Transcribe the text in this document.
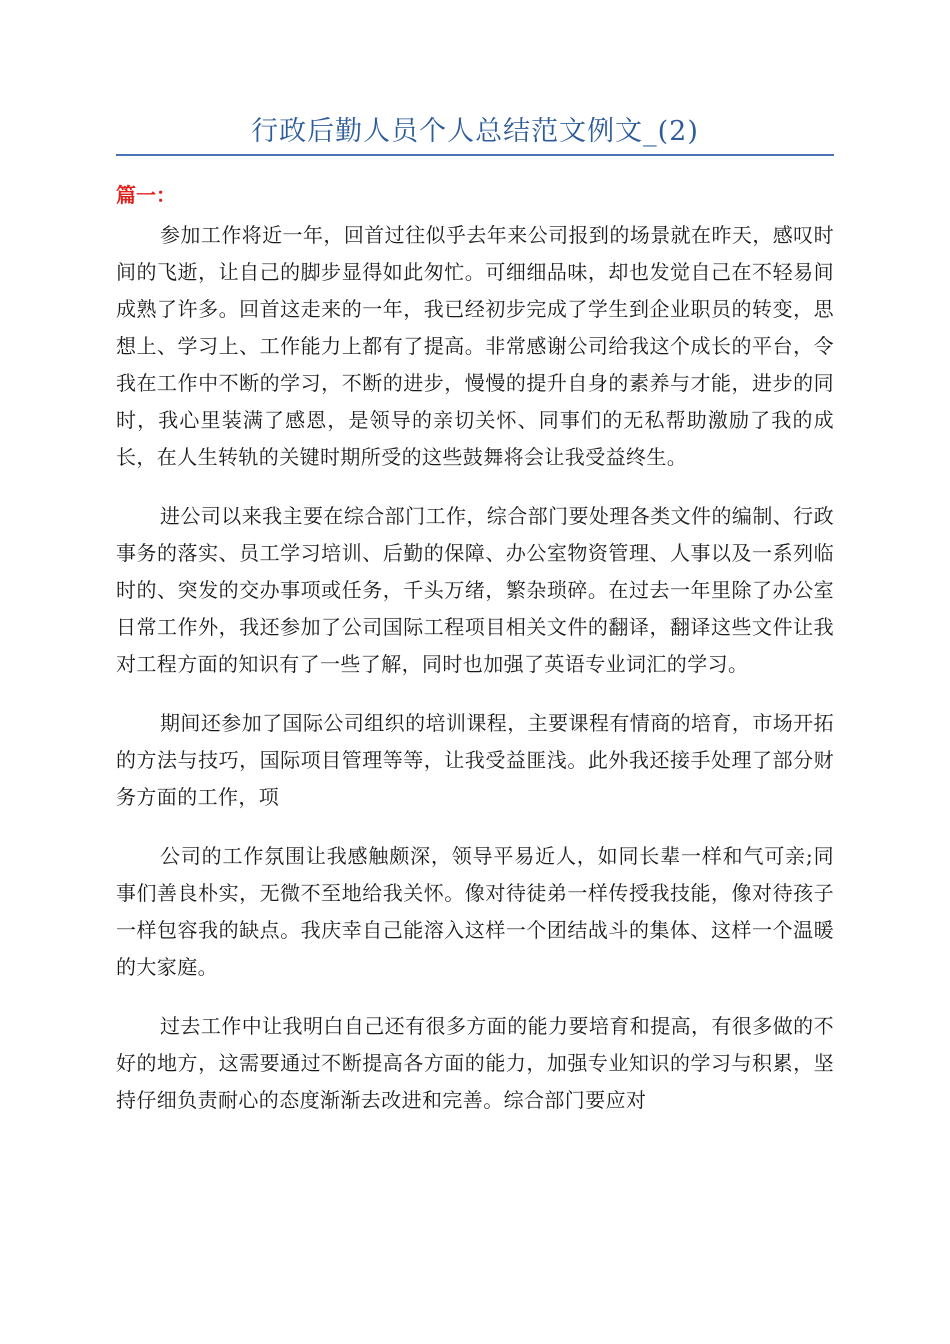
行政后勤人员个人总结范文例文_(2)
篇一：

参加工作将近一年，回首过往似乎去年来公司报到的场景就在昨天，感叹时间的飞逝，让自己的脚步显得如此匆忙。可细细品味，却也发觉自己在不轻易间成熟了许多。回首这走来的一年，我已经初步完成了学生到企业职员的转变，思想上、学习上、工作能力上都有了提高。非常感谢公司给我这个成长的平台，令我在工作中不断的学习，不断的进步，慢慢的提升自身的素养与才能，进步的同时，我心里装满了感恩，是领导的亲切关怀、同事们的无私帮助激励了我的成长，在人生转轨的关键时期所受的这些鼓舞将会让我受益终生。

进公司以来我主要在综合部门工作，综合部门要处理各类文件的编制、行政事务的落实、员工学习培训、后勤的保障、办公室物资管理、人事以及一系列临时的、突发的交办事项或任务，千头万绪，繁杂琐碎。在过去一年里除了办公室日常工作外，我还参加了公司国际工程项目相关文件的翻译，翻译这些文件让我对工程方面的知识有了一些了解，同时也加强了英语专业词汇的学习。

期间还参加了国际公司组织的培训课程，主要课程有情商的培育，市场开拓的方法与技巧，国际项目管理等等，让我受益匪浅。此外我还接手处理了部分财务方面的工作，项

公司的工作氛围让我感触颇深，领导平易近人，如同长辈一样和气可亲;同事们善良朴实，无微不至地给我关怀。像对待徒弟一样传授我技能，像对待孩子一样包容我的缺点。我庆幸自己能溶入这样一个团结战斗的集体、这样一个温暖的大家庭。

过去工作中让我明白自己还有很多方面的能力要培育和提高，有很多做的不好的地方，这需要通过不断提高各方面的能力，加强专业知识的学习与积累，坚持仔细负责耐心的态度渐渐去改进和完善。综合部门要应对
